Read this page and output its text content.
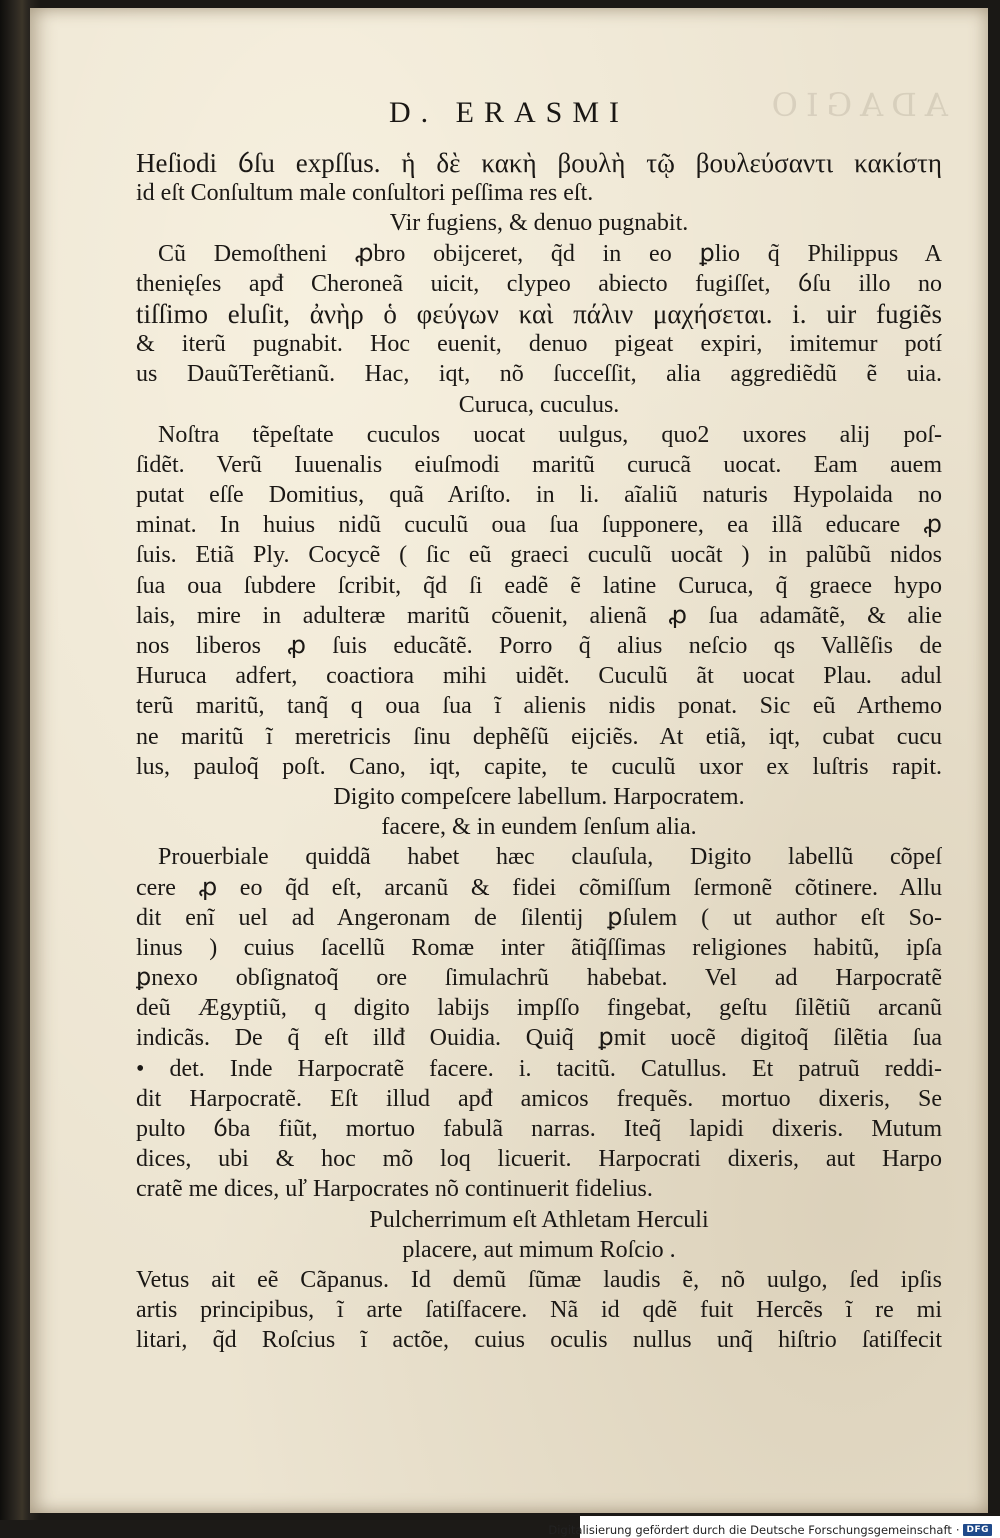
ADAGIO
D. ERASMI
Heſiodi ỽſu expſſus. ἡ δὲ κακὴ βουλὴ τῷ βουλεύσαντι κακίστη
id eſt Conſultum male conſultori peſſima res eſt.
Vir fugiens, & denuo pugnabit.
Cũ Demoſtheni ꝓbro obijceret, q̃d in eo ꝑlio q̃ Philippus A
thenięſes apđ Cheroneã uicit, clypeo abiecto fugiſſet, ỽſu illo no
tiſſimo eluſit, ἀνὴρ ὁ φεύγων καὶ πάλιν μαχήσεται. i. uir fugiẽs
& iterũ pugnabit. Hoc euenit, denuo pigeat expiri, imitemur potí
us DauũTerẽtianũ. Hac, iqt, nõ ſucceſſit, alia aggrediẽdũ ẽ uia.
Curuca, cuculus.
Noſtra tẽpeſtate cuculos uocat uulgus, quo2 uxores alij poſ-
ſidẽt. Verũ Iuuenalis eiuſmodi maritũ curucã uocat. Eam auem
putat eſſe Domitius, quã Ariſto. in li. aĩaliũ naturis Hypolaida no
minat. In huius nidũ cuculũ oua ſua ſupponere, ea illã educare ꝓ
ſuis. Etiã Ply. Cocycẽ ( ſic eũ graeci cuculũ uocãt ) in palũbũ nidos
ſua oua ſubdere ſcribit, q̃d ſi eadẽ ẽ latine Curuca, q̃ graece hypo
lais, mire in adulteræ maritũ cõuenit, alienã ꝓ ſua adamãtẽ, & alie
nos liberos ꝓ ſuis educãtẽ. Porro q̃ alius neſcio qs Vallẽſis de
Huruca adfert, coactiora mihi uidẽt. Cuculũ ãt uocat Plau. adul
terũ maritũ, tanq̃ q oua ſua ĩ alienis nidis ponat. Sic eũ Arthemo
ne maritũ ĩ meretricis ſinu dephẽſũ eijciẽs. At etiã, iqt, cubat cucu
lus, pauloq̃ poſt. Cano, iqt, capite, te cuculũ uxor ex luſtris rapit.
Digito compeſcere labellum. Harpocratem.
facere, & in eundem ſenſum alia.
Prouerbiale quiddã habet hæc clauſula, Digito labellũ cõpeſ
cere ꝓ eo q̃d eſt, arcanũ & fidei cõmiſſum ſermonẽ cõtinere. Allu
dit enĩ uel ad Angeronam de ſilentij ꝑſulem ( ut author eſt So-
linus ) cuius ſacellũ Romæ inter ãtiq̃ſſimas religiones habitũ, ipſa
ꝑnexo obſignatoq̃ ore ſimulachrũ habebat. Vel ad Harpocratẽ
deũ Ægyptiũ, q digito labijs impſſo fingebat, geſtu ſilẽtiũ arcanũ
indicãs. De q̃ eſt illđ Ouidia. Quiq̃ ꝑmit uocẽ digitoq̃ ſilẽtia ſua
• det. Inde Harpocratẽ facere. i. tacitũ. Catullus. Et patruũ reddi-
dit Harpocratẽ. Eſt illud apđ amicos frequẽs. mortuo dixeris, Se
pulto ỽba fiũt, mortuo fabulã narras. Iteq̃ lapidi dixeris. Mutum
dices, ubi & hoc mõ loq licuerit. Harpocrati dixeris, aut Harpo
cratẽ me dices, uľ Harpocrates nõ continuerit fidelius.
Pulcherrimum eſt Athletam Herculi
placere, aut mimum Roſcio .
Vetus ait eẽ Cãpanus. Id demũ ſũmæ laudis ẽ, nõ uulgo, ſed ipſis
artis principibus, ĩ arte ſatiſfacere. Nã id qdẽ fuit Hercẽs ĩ re mi
litari, q̃d Roſcius ĩ actõe, cuius oculis nullus unq̃ hiſtrio ſatiſfecit
Digitalisierung gefördert durch die Deutsche Forschungsgemeinschaft · DFG
